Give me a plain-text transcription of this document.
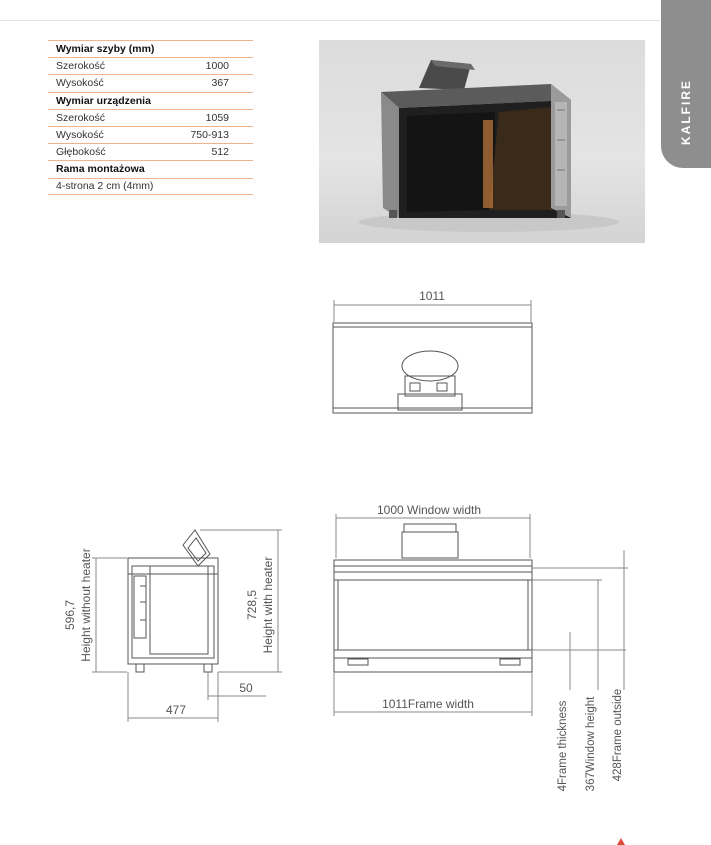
KALFIRE
Wymiar szyby (mm)
Szerokość	1000
Wysokość	367
Wymiar urządzenia
Szerokość	1059
Wysokość	750-913
Głębokość	512
Rama montażowa
4-strona 2 cm (4mm)
1011
596,7 Height without heater	728,5 Height with heater
50
477
1000 Window width
1011Frame width	4Frame thickness 367Window height 428Frame outside
